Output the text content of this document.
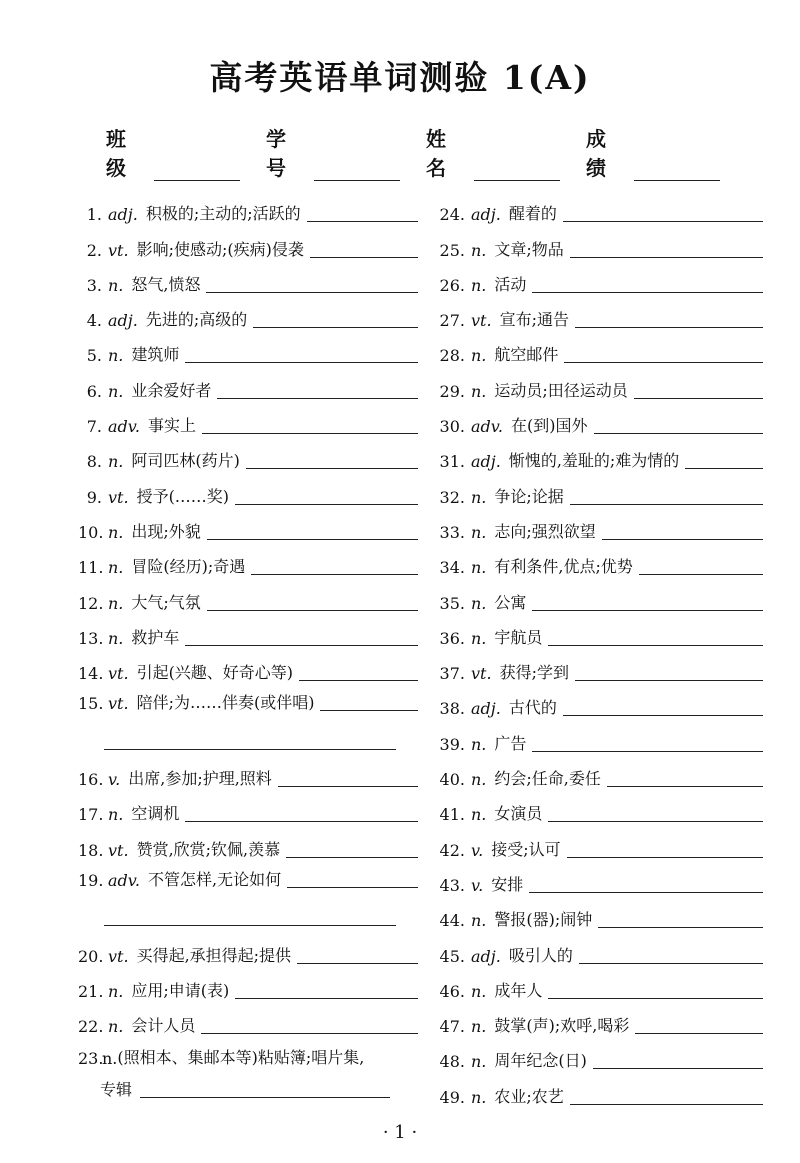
高考英语单词测验 1(A)
班级
学号
姓名
成绩
1. adj. 积极的;主动的;活跃的
2. vt. 影响;使感动;(疾病)侵袭
3. n. 怒气,愤怒
4. adj. 先进的;高级的
5. n. 建筑师
6. n. 业余爱好者
7. adv. 事实上
8. n. 阿司匹林(药片)
9. vt. 授予(……奖)
10. n. 出现;外貌
11. n. 冒险(经历);奇遇
12. n. 大气;气氛
13. n. 救护车
14. vt. 引起(兴趣、好奇心等)
15. vt. 陪伴;为……伴奏(或伴唱)
16. v. 出席,参加;护理,照料
17. n. 空调机
18. vt. 赞赏,欣赏;钦佩,羡慕
19. adv. 不管怎样,无论如何
20. vt. 买得起,承担得起;提供
21. n. 应用;申请(表)
22. n. 会计人员
23.
n. (照相本、集邮本等)粘贴簿;唱片集,
专辑
24. adj. 醒着的
25. n. 文章;物品
26. n. 活动
27. vt. 宣布;通告
28. n. 航空邮件
29. n. 运动员;田径运动员
30. adv. 在(到)国外
31. adj. 惭愧的,羞耻的;难为情的
32. n. 争论;论据
33. n. 志向;强烈欲望
34. n. 有利条件,优点;优势
35. n. 公寓
36. n. 宇航员
37. vt. 获得;学到
38. adj. 古代的
39. n. 广告
40. n. 约会;任命,委任
41. n. 女演员
42. v. 接受;认可
43. v. 安排
44. n. 警报(器);闹钟
45. adj. 吸引人的
46. n. 成年人
47. n. 鼓掌(声);欢呼,喝彩
48. n. 周年纪念(日)
49. n. 农业;农艺
· 1 ·
